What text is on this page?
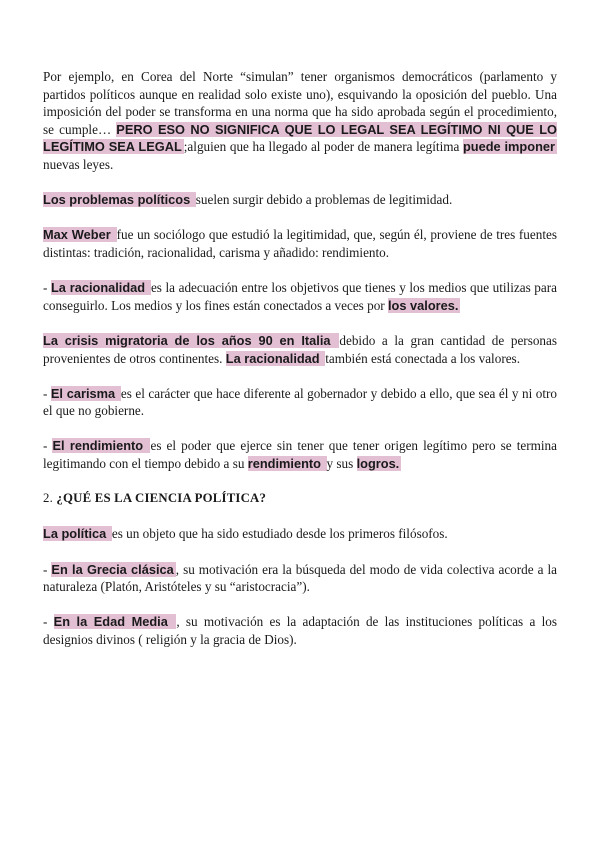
Por ejemplo, en Corea del Norte “simulan” tener organismos democráticos (parlamento y partidos políticos aunque en realidad solo existe uno), esquivando la oposición del pueblo. Una imposición del poder se transforma en una norma que ha sido aprobada según el procedimiento, se cumple… PERO ESO NO SIGNIFICA QUE LO LEGAL SEA LEGÍTIMO NI QUE LO LEGÍTIMO SEA LEGAL ;alguien que ha llegado al poder de manera legítima puede imponer nuevas leyes.

Los problemas políticos suelen surgir debido a problemas de legitimidad.

Max Weber fue un sociólogo que estudió la legitimidad, que, según él, proviene de tres fuentes distintas: tradición, racionalidad, carisma y añadido: rendimiento.

- La racionalidad es la adecuación entre los objetivos que tienes y los medios que utilizas para conseguirlo. Los medios y los fines están conectados a veces por los valores.

La crisis migratoria de los años 90 en Italia debido a la gran cantidad de personas provenientes de otros continentes. La racionalidad también está conectada a los valores.

- El carisma es el carácter que hace diferente al gobernador y debido a ello, que sea él y ni otro el que no gobierne.

- El rendimiento es el poder que ejerce sin tener que tener origen legítimo pero se termina legitimando con el tiempo debido a su rendimiento y sus logros.

2. ¿QUÉ ES LA CIENCIA POLÍTICA?

La política es un objeto que ha sido estudiado desde los primeros filósofos.

- En la Grecia clásica , su motivación era la búsqueda del modo de vida colectiva acorde a la naturaleza (Platón, Aristóteles y su “aristocracia”).

- En la Edad Media , su motivación es la adaptación de las instituciones políticas a los designios divinos ( religión y la gracia de Dios).
